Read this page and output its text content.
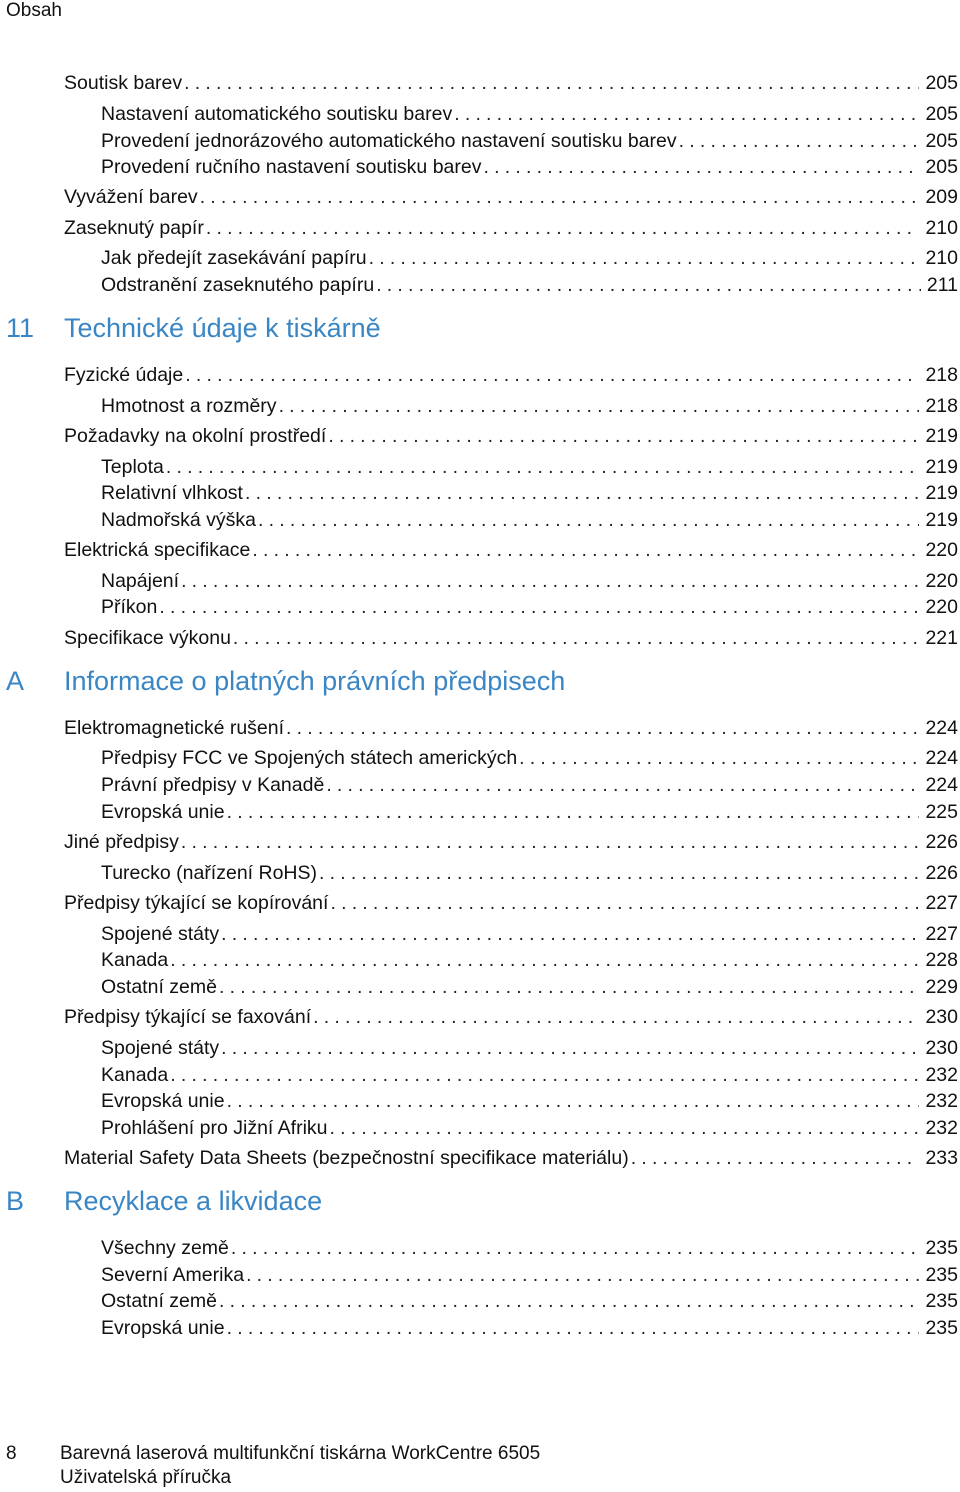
Obsah
Soutisk barev .....	205
Nastavení automatického soutisku barev .....	205
Provedení jednorázového automatického nastavení soutisku barev .....	205
Provedení ručního nastavení soutisku barev .....	205
Vyvážení barev .....	209
Zaseknutý papír .....	210
Jak předejít zasekávání papíru .....	210
Odstranění zaseknutého papíru .....	211
11 Technické údaje k tiskárně
Fyzické údaje .....	218
Hmotnost a rozměry .....	218
Požadavky na okolní prostředí .....	219
Teplota .....	219
Relativní vlhkost .....	219
Nadmořská výška .....	219
Elektrická specifikace .....	220
Napájení .....	220
Příkon .....	220
Specifikace výkonu .....	221
A Informace o platných právních předpisech
Elektromagnetické rušení .....	224
Předpisy FCC ve Spojených státech amerických .....	224
Právní předpisy v Kanadě .....	224
Evropská unie .....	225
Jiné předpisy .....	226
Turecko (nařízení RoHS) .....	226
Předpisy týkající se kopírování .....	227
Spojené státy .....	227
Kanada .....	228
Ostatní země .....	229
Předpisy týkající se faxování .....	230
Spojené státy .....	230
Kanada .....	232
Evropská unie .....	232
Prohlášení pro Jižní Afriku .....	232
Material Safety Data Sheets (bezpečnostní specifikace materiálu) .....	233
B Recyklace a likvidace
Všechny země .....	235
Severní Amerika .....	235
Ostatní země .....	235
Evropská unie .....	235
8 Barevná laserová multifunkční tiskárna WorkCentre 6505
Uživatelská příručka
